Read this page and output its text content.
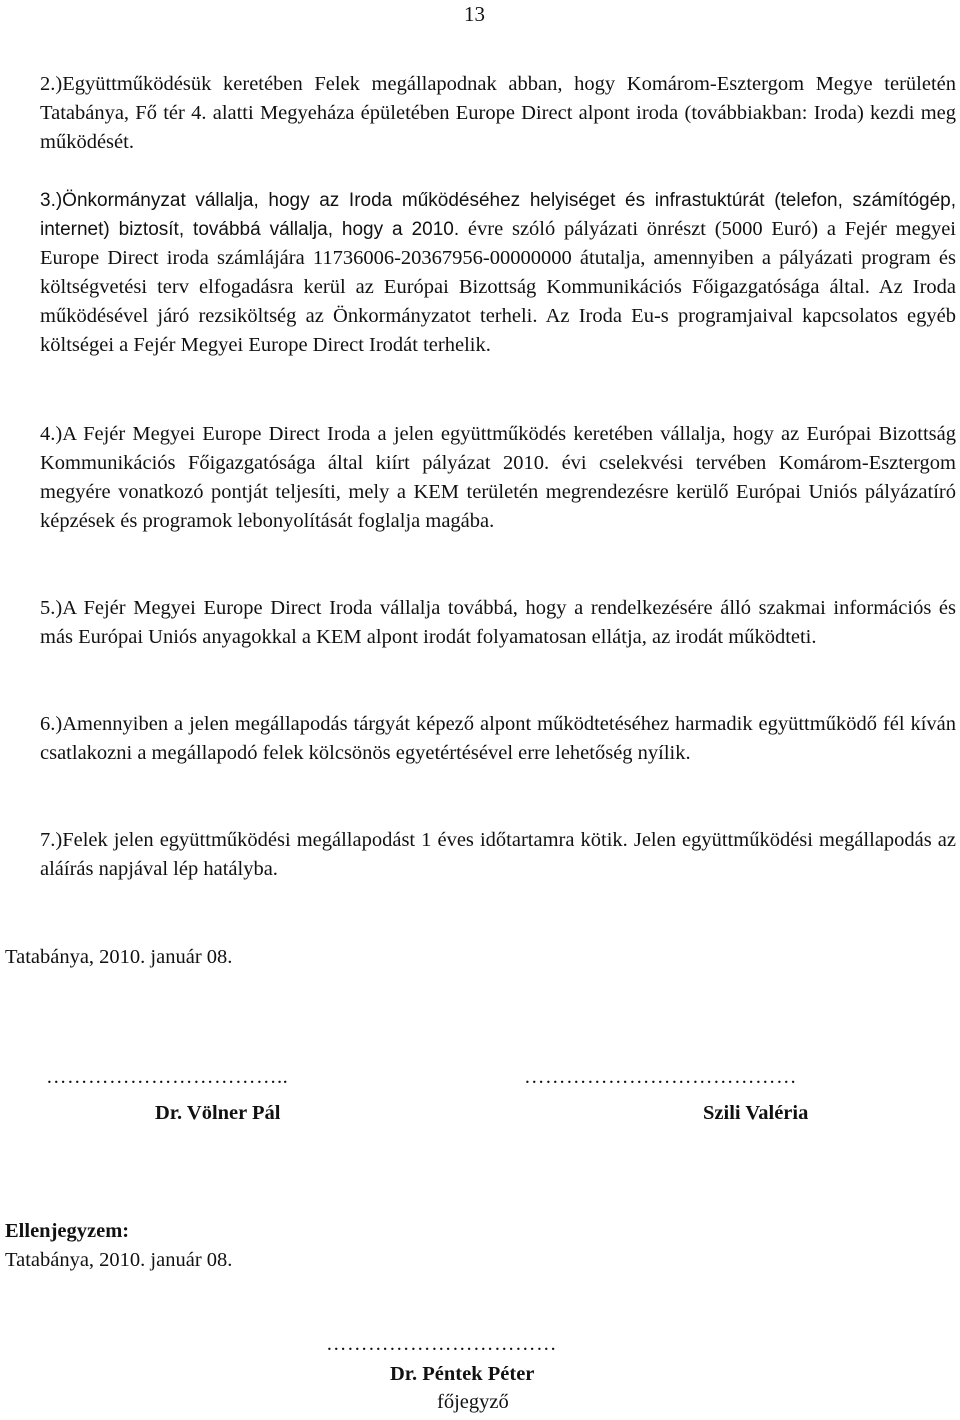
13

2.)Együttműködésük keretében Felek megállapodnak abban, hogy Komárom-Esztergom Megye területén Tatabánya, Fő tér 4. alatti Megyeháza épületében Europe Direct alpont iroda (továbbiakban: Iroda) kezdi meg működését.

3.)Önkormányzat vállalja, hogy az Iroda működéséhez helyiséget és infrastuktúrát (telefon, számítógép, internet) biztosít, továbbá vállalja, hogy a 2010. évre szóló pályázati önrészt (5000 Euró) a Fejér megyei Europe Direct iroda számlájára 11736006-20367956-00000000 átutalja, amennyiben a pályázati program és költségvetési terv elfogadásra kerül az Európai Bizottság Kommunikációs Főigazgatósága által. Az Iroda működésével járó rezsiköltség az Önkormányzatot terheli. Az Iroda Eu-s programjaival kapcsolatos egyéb költségei a Fejér Megyei Europe Direct Irodát terhelik.

4.)A Fejér Megyei Europe Direct Iroda a jelen együttműködés keretében vállalja, hogy az Európai Bizottság Kommunikációs Főigazgatósága által kiírt pályázat 2010. évi cselekvési tervében Komárom-Esztergom megyére vonatkozó pontját teljesíti, mely a KEM területén megrendezésre kerülő Európai Uniós pályázatíró képzések és programok lebonyolítását foglalja magába.

5.)A Fejér Megyei Europe Direct Iroda vállalja továbbá, hogy a rendelkezésére álló szakmai információs és más Európai Uniós anyagokkal a KEM alpont irodát folyamatosan ellátja, az irodát működteti.

6.)Amennyiben a jelen megállapodás tárgyát képező alpont működtetéséhez harmadik együttműködő fél kíván csatlakozni a megállapodó felek kölcsönös egyetértésével erre lehetőség nyílik.

7.)Felek jelen együttműködési megállapodást 1 éves időtartamra kötik. Jelen együttműködési megállapodás az aláírás napjával lép hatályba.

Tatabánya, 2010. január 08.

……………………………..	…………………………………

Dr. Völner Pál	Szili Valéria

Ellenjegyzem:

Tatabánya, 2010. január 08.

……………………………

Dr. Péntek Péter

főjegyző
